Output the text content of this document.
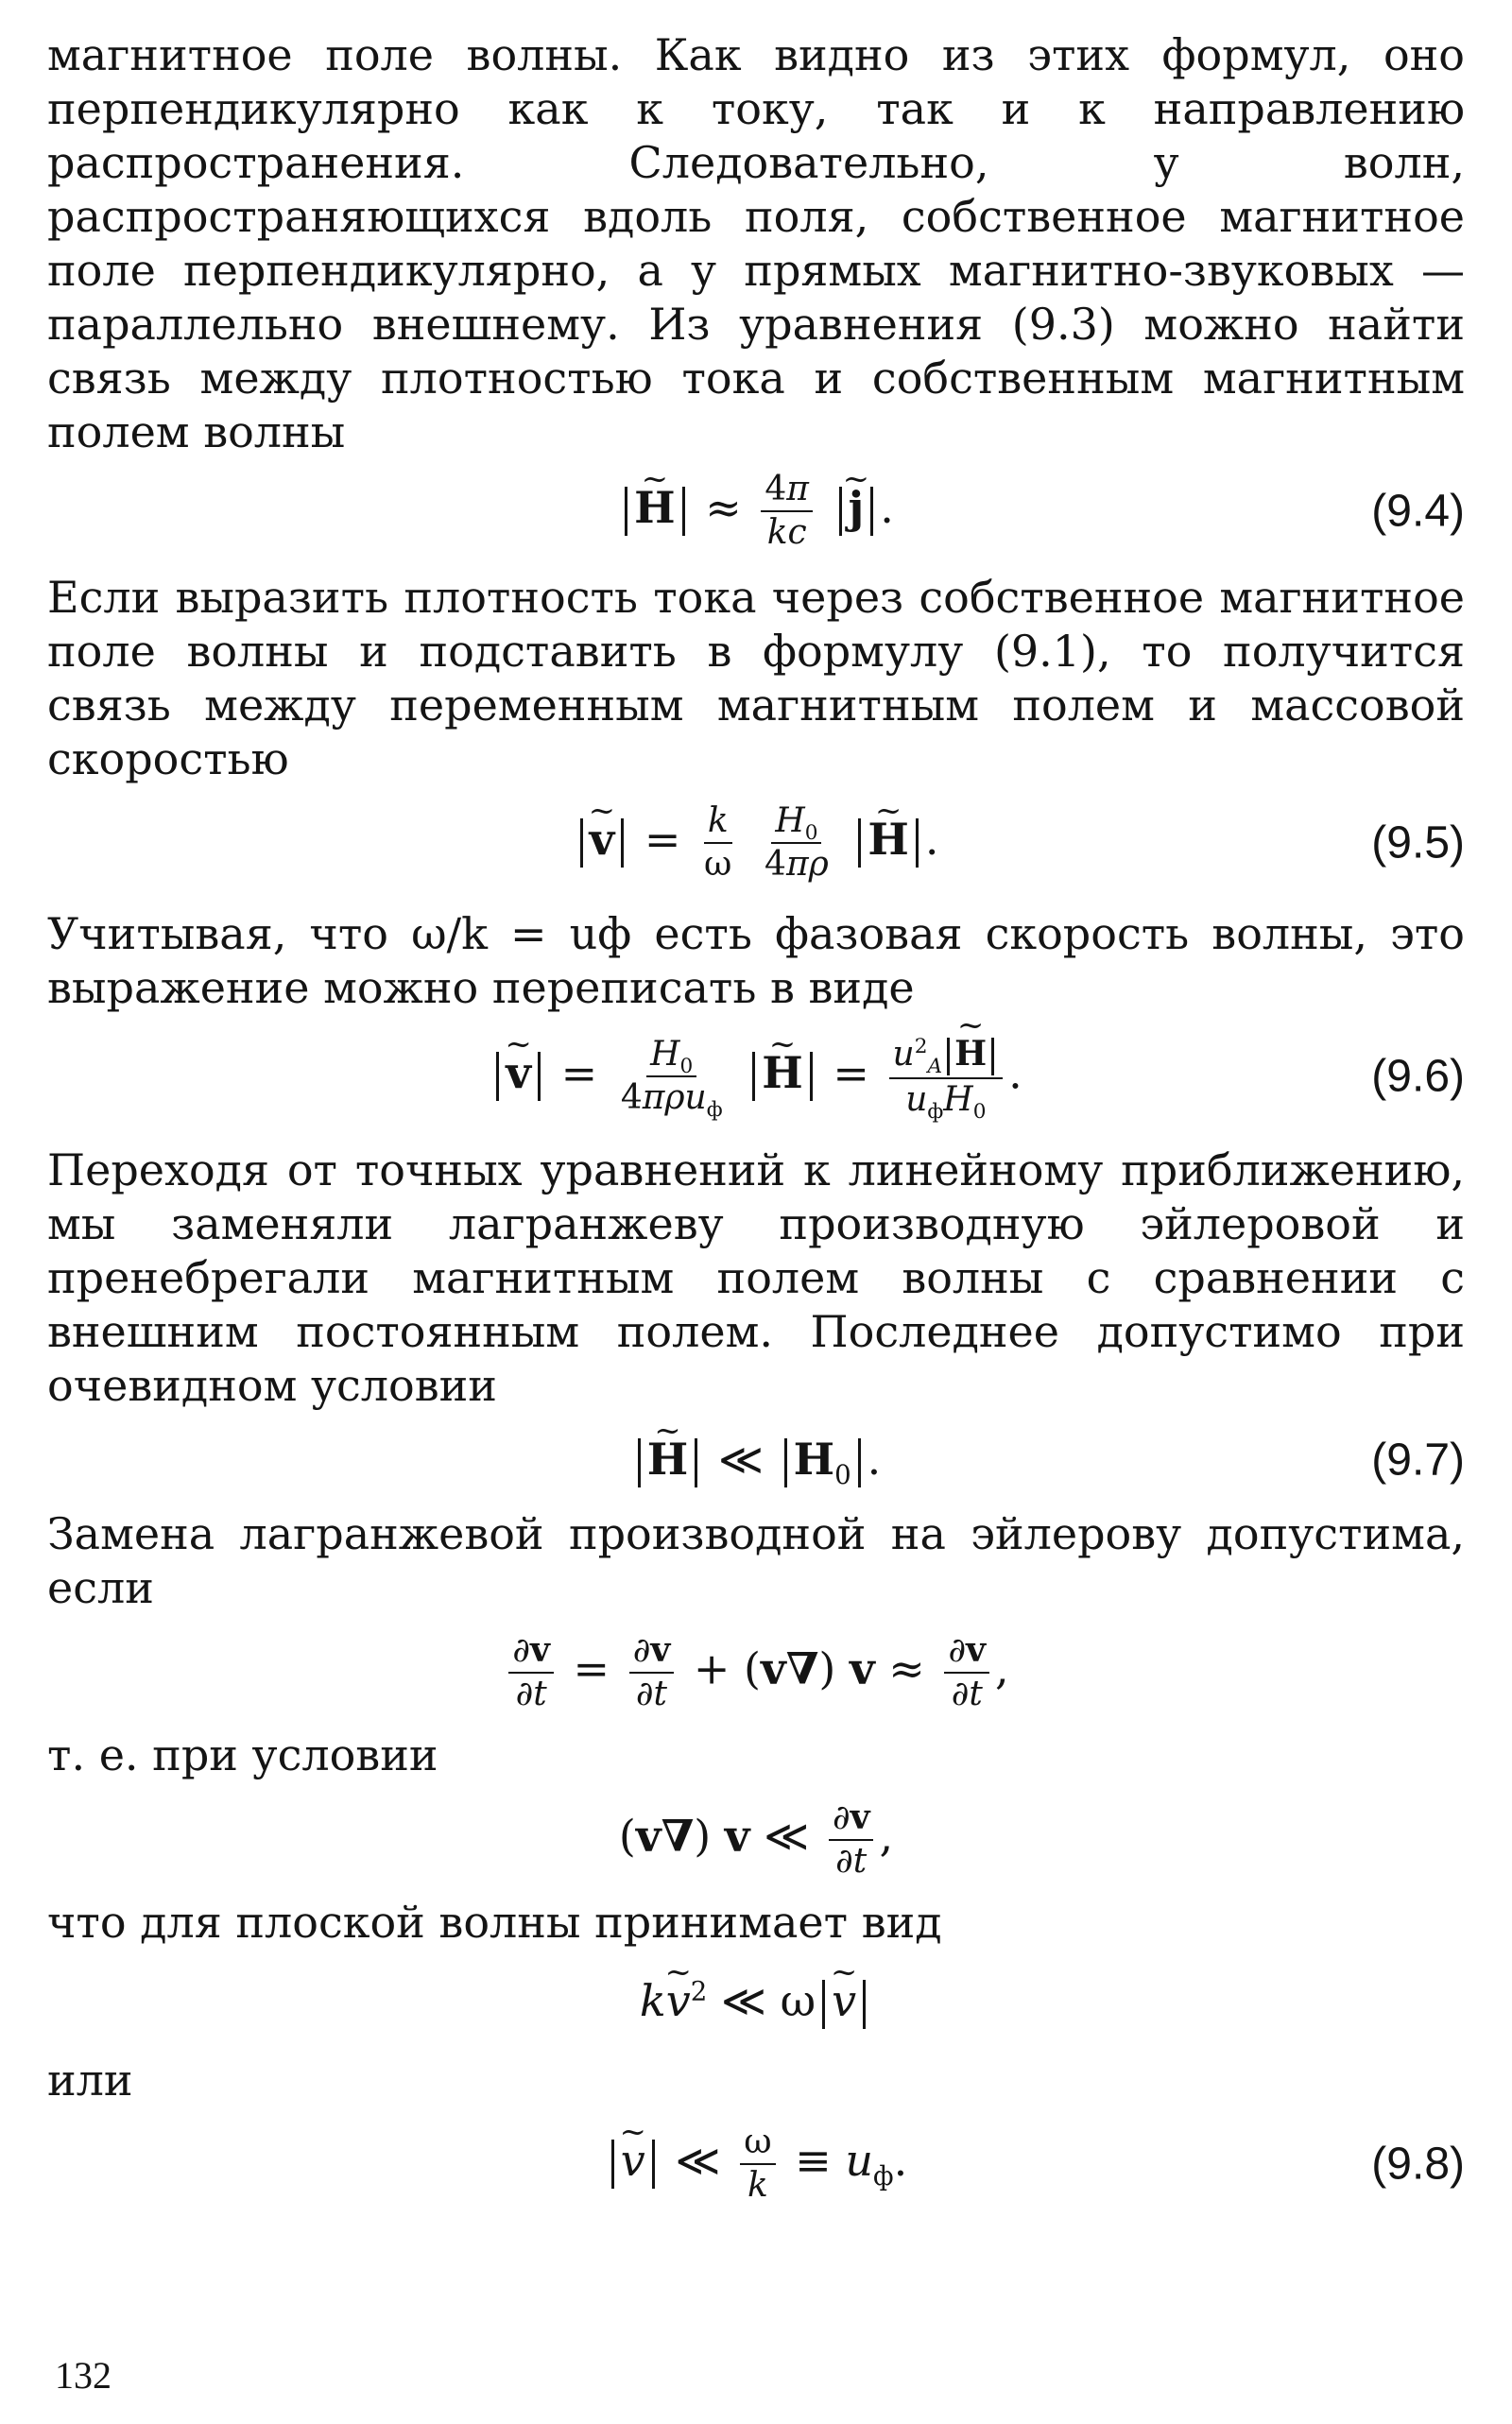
магнитное поле волны. Как видно из этих формул, оно перпендикулярно как к току, так и к направлению распространения. Следовательно, у волн, распространяющихся вдоль поля, собственное магнитное поле перпендикулярно, а у прямых магнитно-звуковых — параллельно внешнему. Из уравнения (9.3) можно найти связь между плотностью тока и собственным магнитным полем волны

~ $H \approx \frac{4\pi}{kc}$ ~ j .	(9.4)

Если выразить плотность тока через собственное магнитное поле волны и подставить в формулу (9.1), то получится связь между переменным магнитным полем и массовой скоростью

~ $v = \frac{k}{\omega}$
$\frac{H_0}{4\pi\rho}$ ~ H .	(9.5)

Учитывая, что ω/k = uф есть фазовая скорость волны, это выражение можно переписать в виде

~ $v = \frac{H_0}{4\pi\rho u_ф}$ ~ $H = \frac{u^2_A \sim H}{u_фH_0}$ .	(9.6)

Переходя от точных уравнений к линейному приближению, мы заменяли лагранжеву производную эйлеровой и пренебрегали магнитным полем волны с сравнении с внешним постоянным полем. Последнее допустимо при очевидном условии

~ H ≪ $H_0$ .	(9.7)

Замена лагранжевой производной на эйлерову допустима, если

$\frac{\partial v}{\partial t} = \frac{\partial v}{\partial t} + (v\nabla) v \approx \frac{\partial v}{\partial t}$ ,

т. е. при условии

(v∇) v ≪ $\frac{\partial v}{\partial t}$ ,

что для плоской волны принимает вид

k~ $v^2$ ≪ ω ~ v

или

~ v ≪ $\frac{\omega}{k} \equiv u_ф$.	(9.8)
132
